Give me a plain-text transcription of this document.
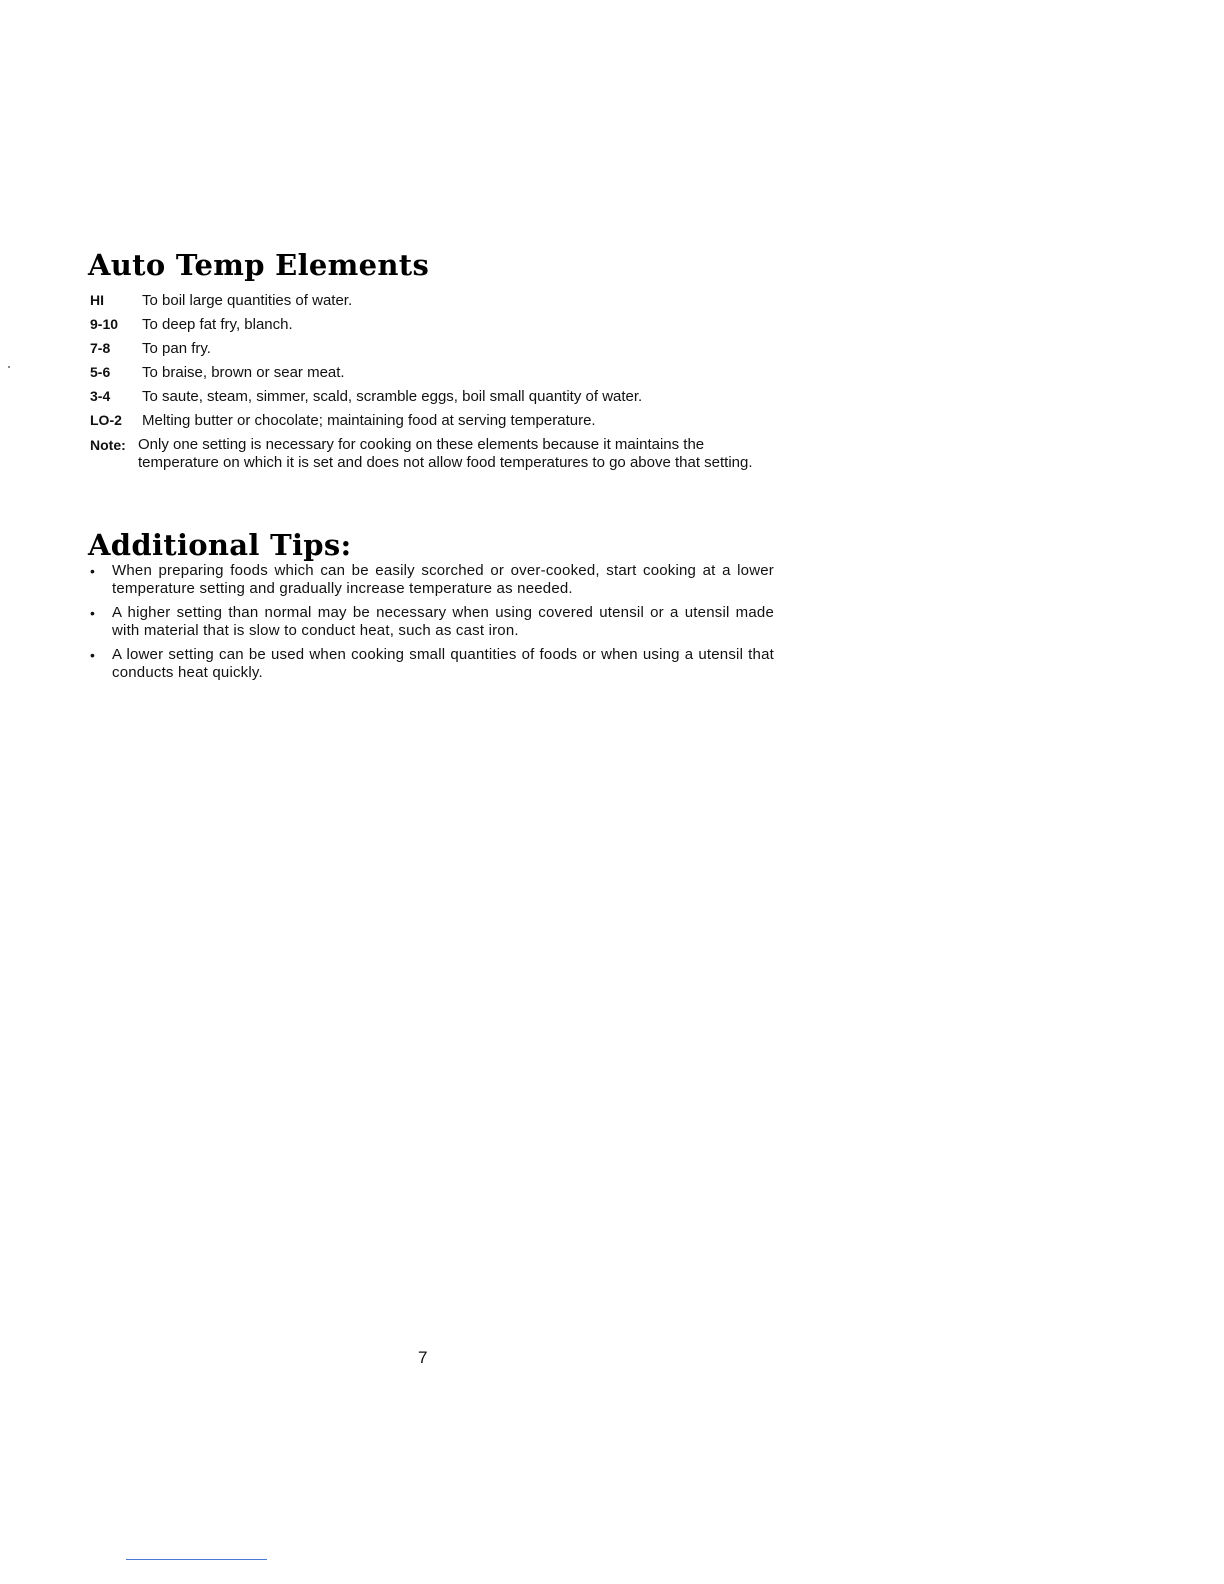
Auto Temp Elements
HI	To boil large quantities of water.
9-10	To deep fat fry, blanch.
7-8	To pan fry.
5-6	To braise, brown or sear meat.
3-4	To saute, steam, simmer, scald, scramble eggs, boil small quantity of water.
LO-2	Melting butter or chocolate; maintaining food at serving temperature.
Note: Only one setting is necessary for cooking on these elements because it maintains the temperature on which it is set and does not allow food temperatures to go above that setting.
Additional Tips:
•	When preparing foods which can be easily scorched or over-cooked, start cooking at a lower temperature setting and gradually increase temperature as needed.
•	A higher setting than normal may be necessary when using covered utensil or a utensil made with material that is slow to conduct heat, such as cast iron.
•	A lower setting can be used when cooking small quantities of foods or when using a utensil that conducts heat quickly.
7
